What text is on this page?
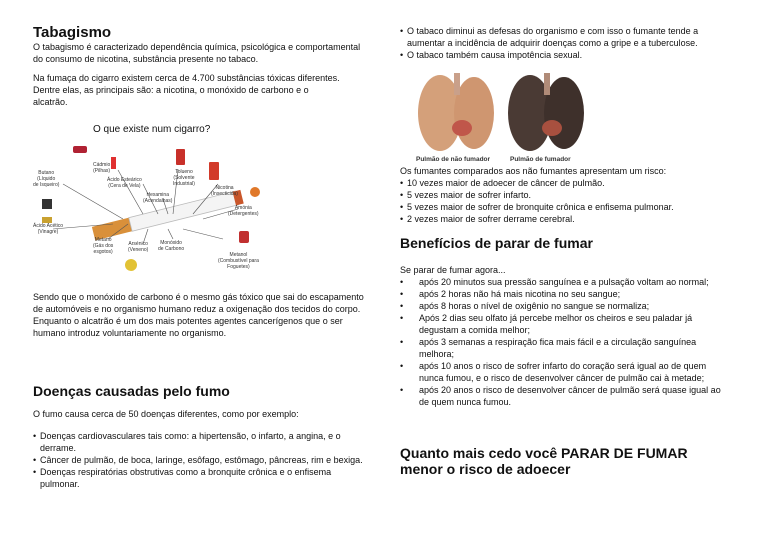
Tabagismo

O tabagismo é caracterizado dependência química, psicológica e comportamental do consumo de nicotina, substância presente no tabaco.

Na fumaça do cigarro existem cerca de 4.700 substâncias tóxicas diferentes. Dentre elas, as principais são: a nicotina, o monóxido de carbono e o alcatrão.

O que existe num cigarro?
Cádmio
(Pilhas)
Butano
(Líquido
de Isqueiro)
Ácido Esteárico
(Cera de Vela)
Hexamina
(Acendalhas)
Tolueno
(Solvente
Industrial)
Nicotina
(Insecticida)
Amónia
(Detergentes)
Ácido Acético
(Vinagre)
Metano
(Gás dos
esgotos)
Arsénico
(Veneno)
Monóxido
de Carbono
Metanol
(Combustível para
Foguetes)

Sendo que o monóxido de carbono é o mesmo gás tóxico que sai do escapamento de automóveis e no organismo humano reduz a oxigenação dos tecidos do corpo. Enquanto o alcatrão é um dos mais potentes agentes cancerígenos que o ser humano introduz voluntariamente no organismo.

Doenças causadas pelo fumo

O fumo causa cerca de 50 doenças diferentes, como por exemplo:

• Doenças cardiovasculares tais como: a hipertensão, o infarto, a angina, e o derrame.
• Câncer de pulmão, de boca, laringe, esôfago, estômago, pâncreas, rim e bexiga.
• Doenças respiratórias obstrutivas como a bronquite crônica e o enfisema pulmonar.
• O tabaco diminui as defesas do organismo e com isso o fumante tende a aumentar a incidência de adquirir doenças como a gripe e a tuberculose.
• O tabaco também causa impotência sexual.
Pulmão de não fumador	Pulmão de fumador

Os fumantes comparados aos não fumantes apresentam um risco:

• 10 vezes maior de adoecer de câncer de pulmão.
• 5 vezes maior de sofrer infarto.
• 5 vezes maior de sofrer de bronquite crônica e enfisema pulmonar.
• 2 vezes maior de sofrer derrame cerebral.
Benefícios de parar de fumar

Se parar de fumar agora...

• após 20 minutos sua pressão sanguínea e a pulsação voltam ao normal;
• após 2 horas não há mais nicotina no seu sangue;
• após 8 horas o nível de oxigênio no sangue se normaliza;
• Após 2 dias seu olfato já percebe melhor os cheiros e seu paladar já degustam a comida melhor;
• após 3 semanas a respiração fica mais fácil e a circulação sanguínea melhora;
• após 10 anos o risco de sofrer infarto do coração será igual ao de quem nunca fumou, e o risco de desenvolver câncer de pulmão cai à metade;
• após 20 anos o risco de desenvolver câncer de pulmão será quase igual ao de quem nunca fumou.
Quanto mais cedo você PARAR DE FUMAR menor o risco de adoecer
